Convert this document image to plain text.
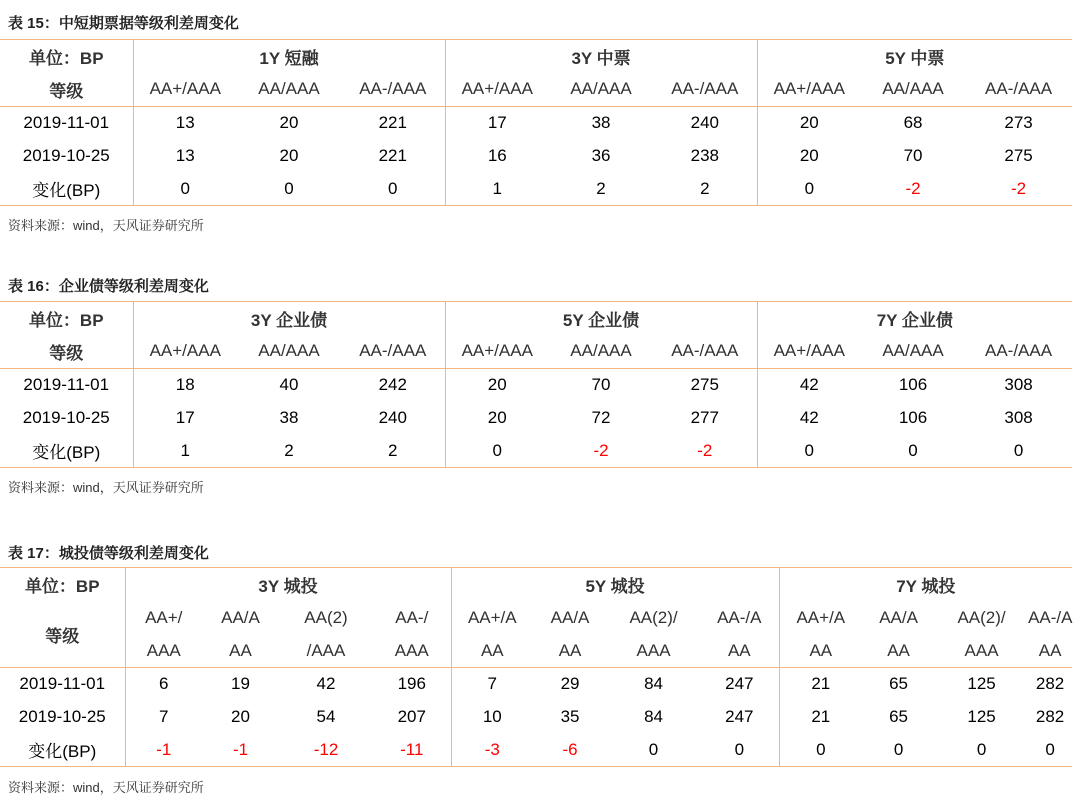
表 15：中短期票据等级利差周变化
单位：BP	1Y 短融			3Y 中票			5Y 中票		
等级	AA+/AAA	AA/AAA	AA-/AAA	AA+/AAA	AA/AAA	AA-/AAA	AA+/AAA	AA/AAA	AA-/AAA
2019-11-01	13	20	221	17	38	240	20	68	273
2019-10-25	13	20	221	16	36	238	20	70	275
变化(BP)	0	0	0	1	2	2	0	-2	-2
资料来源：wind，天风证券研究所
表 16：企业债等级利差周变化
单位：BP	3Y 企业债			5Y 企业债			7Y 企业债		
等级	AA+/AAA	AA/AAA	AA-/AAA	AA+/AAA	AA/AAA	AA-/AAA	AA+/AAA	AA/AAA	AA-/AAA
2019-11-01	18	40	242	20	70	275	42	106	308
2019-10-25	17	38	240	20	72	277	42	106	308
变化(BP)	1	2	2	0	-2	-2	0	0	0
资料来源：wind，天风证券研究所
表 17：城投债等级利差周变化
单位：BP	3Y 城投				5Y 城投				7Y 城投			
等级	AA+/	AA/A	AA(2)	AA-/	AA+/A	AA/A	AA(2)/	AA-/A	AA+/A	AA/A	AA(2)/	AA-/A
	AAA	AA	/AAA	AAA	AA	AA	AAA	AA	AA	AA	AAA	AA
2019-11-01	6	19	42	196	7	29	84	247	21	65	125	282
2019-10-25	7	20	54	207	10	35	84	247	21	65	125	282
变化(BP)	-1	-1	-12	-11	-3	-6	0	0	0	0	0	0
资料来源：wind，天风证券研究所
